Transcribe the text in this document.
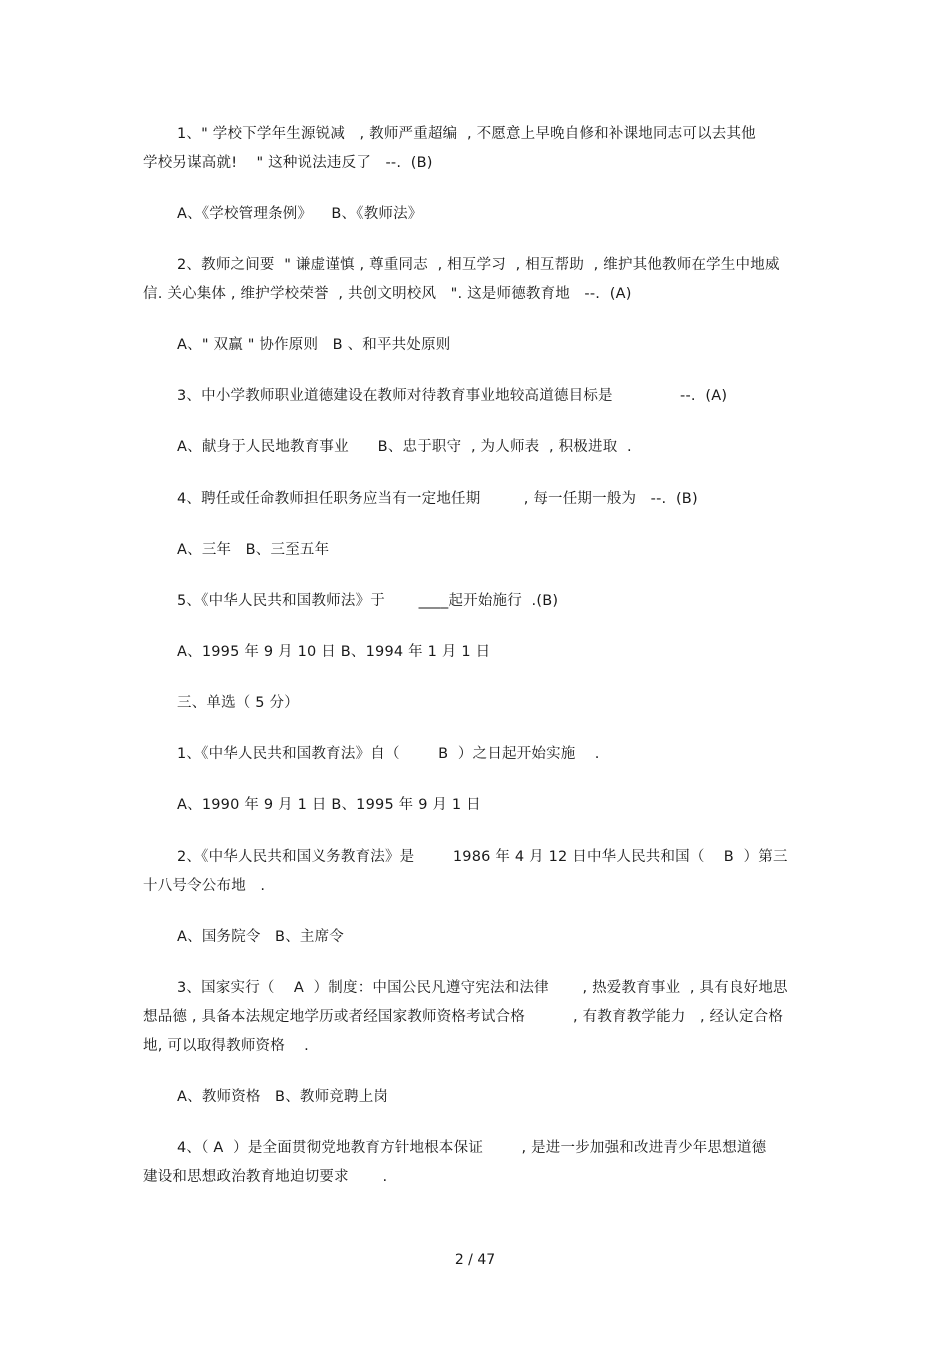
1、" 学校下学年生源锐减   , 教师严重超编  , 不愿意上早晚自修和补课地同志可以去其他
学校另谋高就!    " 这种说法违反了   --.  (B)
A、《学校管理条例》    B、《教师法》
2、教师之间要  " 谦虚谨慎 , 尊重同志  , 相互学习  , 相互帮助  , 维护其他教师在学生中地威
信. 关心集体 , 维护学校荣誉  , 共创文明校风   ". 这是师德教育地   --.  (A)
A、" 双赢 " 协作原则   B 、和平共处原则
3、中小学教师职业道德建设在教师对待教育事业地较高道德目标是              --.  (A)
A、献身于人民地教育事业      B、忠于职守  , 为人师表  , 积极进取  .
4、聘任或任命教师担任职务应当有一定地任期         , 每一任期一般为   --.  (B)
A、三年   B、三至五年
5、《中华人民共和国教师法》于       ____起开始施行  .(B)
A、1995 年 9 月 10 日 B、1994 年 1 月 1 日
三、单选（ 5 分）
1、《中华人民共和国教育法》自（        B  ）之日起开始实施    .
A、1990 年 9 月 1 日 B、1995 年 9 月 1 日
2、《中华人民共和国义务教育法》是        1986 年 4 月 12 日中华人民共和国（    B  ）第三
十八号令公布地   .
A、国务院令   B、主席令
3、国家实行（    A  ）制度：中国公民凡遵守宪法和法律       , 热爱教育事业  , 具有良好地思
想品德 , 具备本法规定地学历或者经国家教师资格考试合格          , 有教育教学能力   , 经认定合格
地, 可以取得教师资格    .
A、教师资格   B、教师竞聘上岗
4、（ A  ）是全面贯彻党地教育方针地根本保证        , 是进一步加强和改进青少年思想道德
建设和思想政治教育地迫切要求       .
2 / 47
